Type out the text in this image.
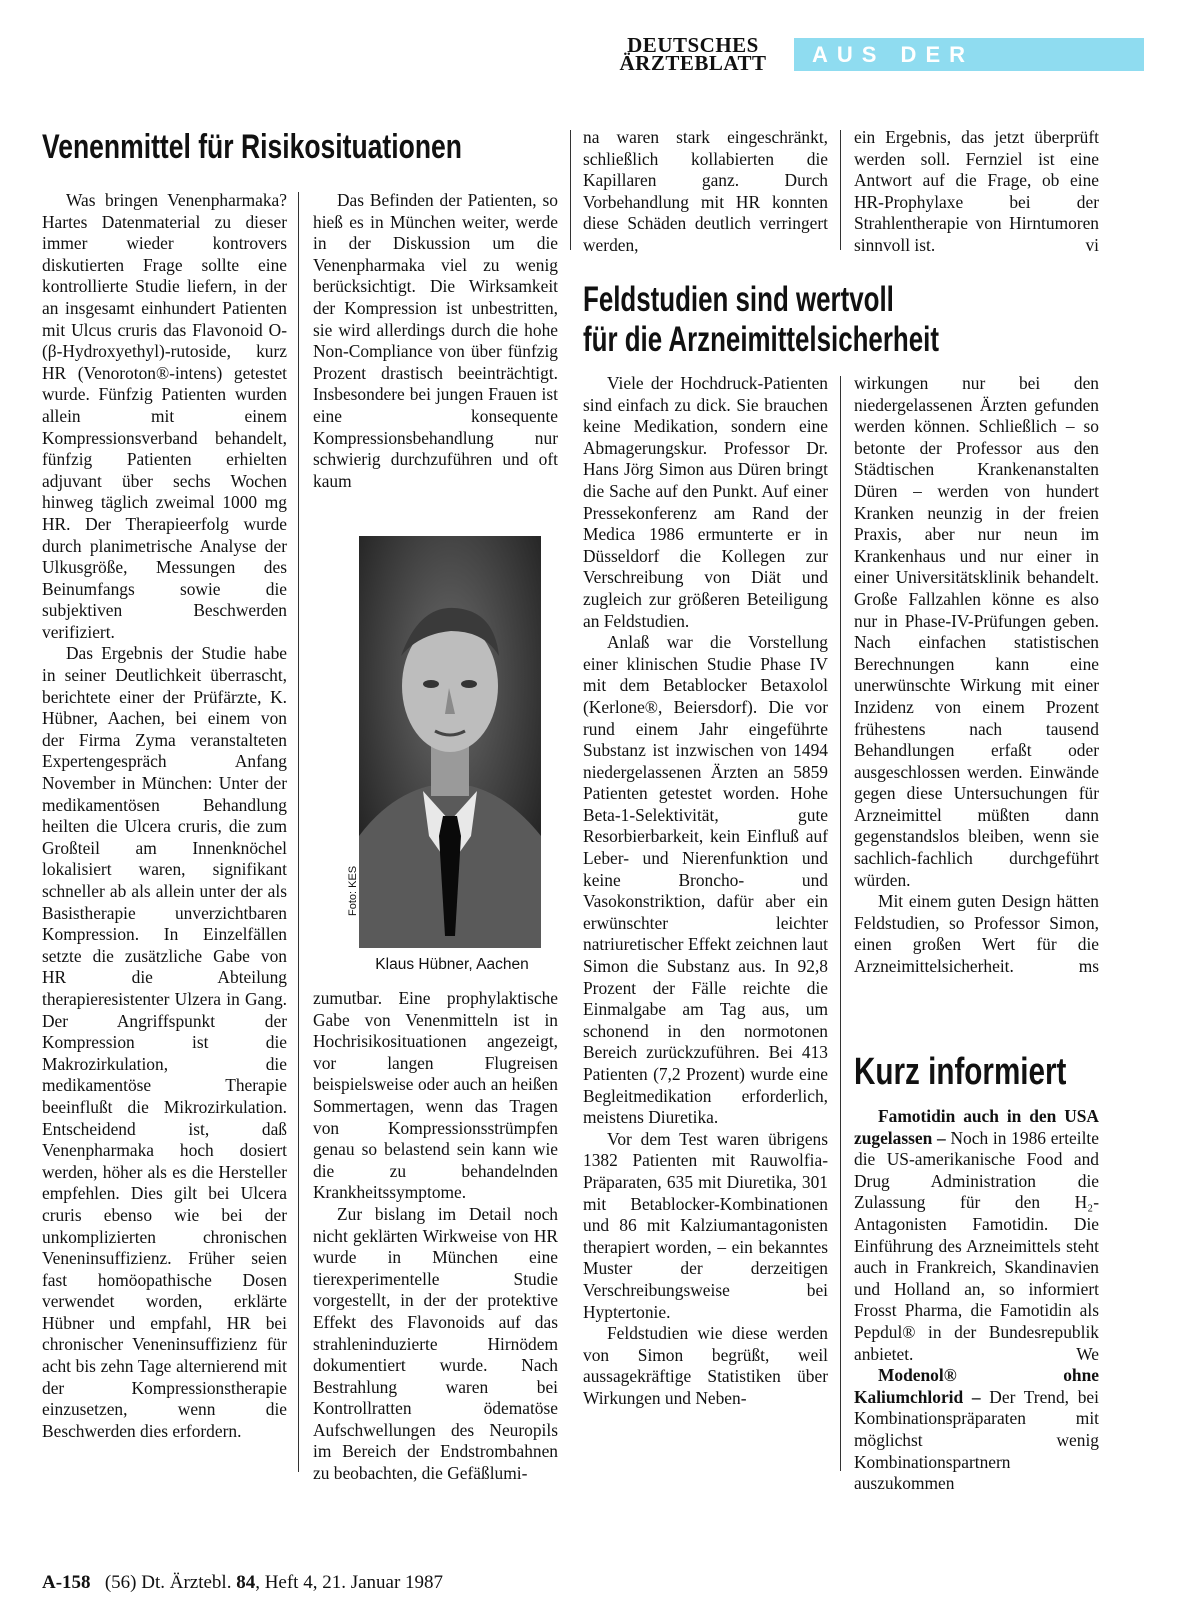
DEUTSCHES
ÄRZTEBLATT	AUS DER INDUSTRIE
Venenmittel für Risikosituationen

Was bringen Venenpharmaka? Hartes Datenmaterial zu dieser immer wieder kontrovers diskutierten Frage sollte eine kontrollierte Studie liefern, in der an insgesamt einhundert Patienten mit Ulcus cruris das Flavonoid O-(β-Hydroxyethyl)-rutoside, kurz HR (Venoroton®-intens) getestet wurde. Fünfzig Patienten wurden allein mit einem Kompressionsverband behandelt, fünfzig Patienten erhielten adjuvant über sechs Wochen hinweg täglich zweimal 1000 mg HR. Der Therapieerfolg wurde durch planimetrische Analyse der Ulkusgröße, Messungen des Beinumfangs sowie die subjektiven Beschwerden verifiziert.

Das Ergebnis der Studie habe in seiner Deutlichkeit überrascht, berichtete einer der Prüfärzte, K. Hübner, Aachen, bei einem von der Firma Zyma veranstalteten Expertengespräch Anfang November in München: Unter der medikamentösen Behandlung heilten die Ulcera cruris, die zum Großteil am Innenknöchel lokalisiert waren, signifikant schneller ab als allein unter der als Basistherapie unverzichtbaren Kompression. In Einzelfällen setzte die zusätzliche Gabe von HR die Abteilung therapieresistenter Ulzera in Gang. Der Angriffspunkt der Kompression ist die Makrozirkulation, die medikamentöse Therapie beeinflußt die Mikrozirkulation. Entscheidend ist, daß Venenpharmaka hoch dosiert werden, höher als es die Hersteller empfehlen. Dies gilt bei Ulcera cruris ebenso wie bei der unkomplizierten chronischen Veneninsuffizienz. Früher seien fast homöopathische Dosen verwendet worden, erklärte Hübner und empfahl, HR bei chronischer Veneninsuffizienz für acht bis zehn Tage alternierend mit der Kompressionstherapie einzusetzen, wenn die Beschwerden dies erfordern.

Das Befinden der Patienten, so hieß es in München weiter, werde in der Diskussion um die Venenpharmaka viel zu wenig berücksichtigt. Die Wirksamkeit der Kompression ist unbestritten, sie wird allerdings durch die hohe Non-Compliance von über fünfzig Prozent drastisch beeinträchtigt. Insbesondere bei jungen Frauen ist eine konsequente Kompressionsbehandlung nur schwierig durchzuführen und oft kaum

Foto: KES
Klaus Hübner, Aachen

zumutbar. Eine prophylaktische Gabe von Venenmitteln ist in Hochrisikosituationen angezeigt, vor langen Flugreisen beispielsweise oder auch an heißen Sommertagen, wenn das Tragen von Kompressionsstrümpfen genau so belastend sein kann wie die zu behandelnden Krankheitssymptome.

Zur bislang im Detail noch nicht geklärten Wirkweise von HR wurde in München eine tierexperimentelle Studie vorgestellt, in der der protektive Effekt des Flavonoids auf das strahleninduzierte Hirnödem dokumentiert wurde. Nach Bestrahlung waren bei Kontrollratten ödematöse Aufschwellungen des Neuropils im Bereich der Endstrombahnen zu beobachten, die Gefäßlumi-

na waren stark eingeschränkt, schließlich kollabierten die Kapillaren ganz. Durch Vorbehandlung mit HR konnten diese Schäden deutlich verringert werden,

ein Ergebnis, das jetzt überprüft werden soll. Fernziel ist eine Antwort auf die Frage, ob eine HR-Prophylaxe bei der Strahlentherapie von Hirntumoren sinnvoll ist.	vi

Feldstudien sind wertvoll
für die Arzneimittelsicherheit

Viele der Hochdruck-Patienten sind einfach zu dick. Sie brauchen keine Medikation, sondern eine Abmagerungskur. Professor Dr. Hans Jörg Simon aus Düren bringt die Sache auf den Punkt. Auf einer Pressekonferenz am Rand der Medica 1986 ermunterte er in Düsseldorf die Kollegen zur Verschreibung von Diät und zugleich zur größeren Beteiligung an Feldstudien.

Anlaß war die Vorstellung einer klinischen Studie Phase IV mit dem Betablocker Betaxolol (Kerlone®, Beiersdorf). Die vor rund einem Jahr eingeführte Substanz ist inzwischen von 1494 niedergelassenen Ärzten an 5859 Patienten getestet worden. Hohe Beta-1-Selektivität, gute Resorbierbarkeit, kein Einfluß auf Leber- und Nierenfunktion und keine Broncho- und Vasokonstriktion, dafür aber ein erwünschter leichter natriuretischer Effekt zeichnen laut Simon die Substanz aus. In 92,8 Prozent der Fälle reichte die Einmalgabe am Tag aus, um schonend in den normotonen Bereich zurückzuführen. Bei 413 Patienten (7,2 Prozent) wurde eine Begleitmedikation erforderlich, meistens Diuretika.

Vor dem Test waren übrigens 1382 Patienten mit Rauwolfia-Präparaten, 635 mit Diuretika, 301 mit Betablocker-Kombinationen und 86 mit Kalziumantagonisten therapiert worden, – ein bekanntes Muster der derzeitigen Verschreibungsweise bei Hyptertonie.

Feldstudien wie diese werden von Simon begrüßt, weil aussagekräftige Statistiken über Wirkungen und Neben-

wirkungen nur bei den niedergelassenen Ärzten gefunden werden können. Schließlich – so betonte der Professor aus den Städtischen Krankenanstalten Düren – werden von hundert Kranken neunzig in der freien Praxis, aber nur neun im Krankenhaus und nur einer in einer Universitätsklinik behandelt. Große Fallzahlen könne es also nur in Phase-IV-Prüfungen geben. Nach einfachen statistischen Berechnungen kann eine unerwünschte Wirkung mit einer Inzidenz von einem Prozent frühestens nach tausend Behandlungen erfaßt oder ausgeschlossen werden. Einwände gegen diese Untersuchungen für Arzneimittel müßten dann gegenstandslos bleiben, wenn sie sachlich-fachlich durchgeführt würden.

Mit einem guten Design hätten Feldstudien, so Professor Simon, einen großen Wert für die Arzneimittelsicherheit.	ms

Kurz informiert

Famotidin auch in den USA zugelassen – Noch in 1986 erteilte die US-amerikanische Food and Drug Administration die Zulassung für den H₂-Antagonisten Famotidin. Die Einführung des Arzneimittels steht auch in Frankreich, Skandinavien und Holland an, so informiert Frosst Pharma, die Famotidin als Pepdul® in der Bundesrepublik anbietet.	We

Modenol® ohne Kaliumchlorid – Der Trend, bei Kombinationspräparaten mit möglichst wenig Kombinationspartnern auszukommen

A-158 (56) Dt. Ärztebl. 84, Heft 4, 21. Januar 1987
